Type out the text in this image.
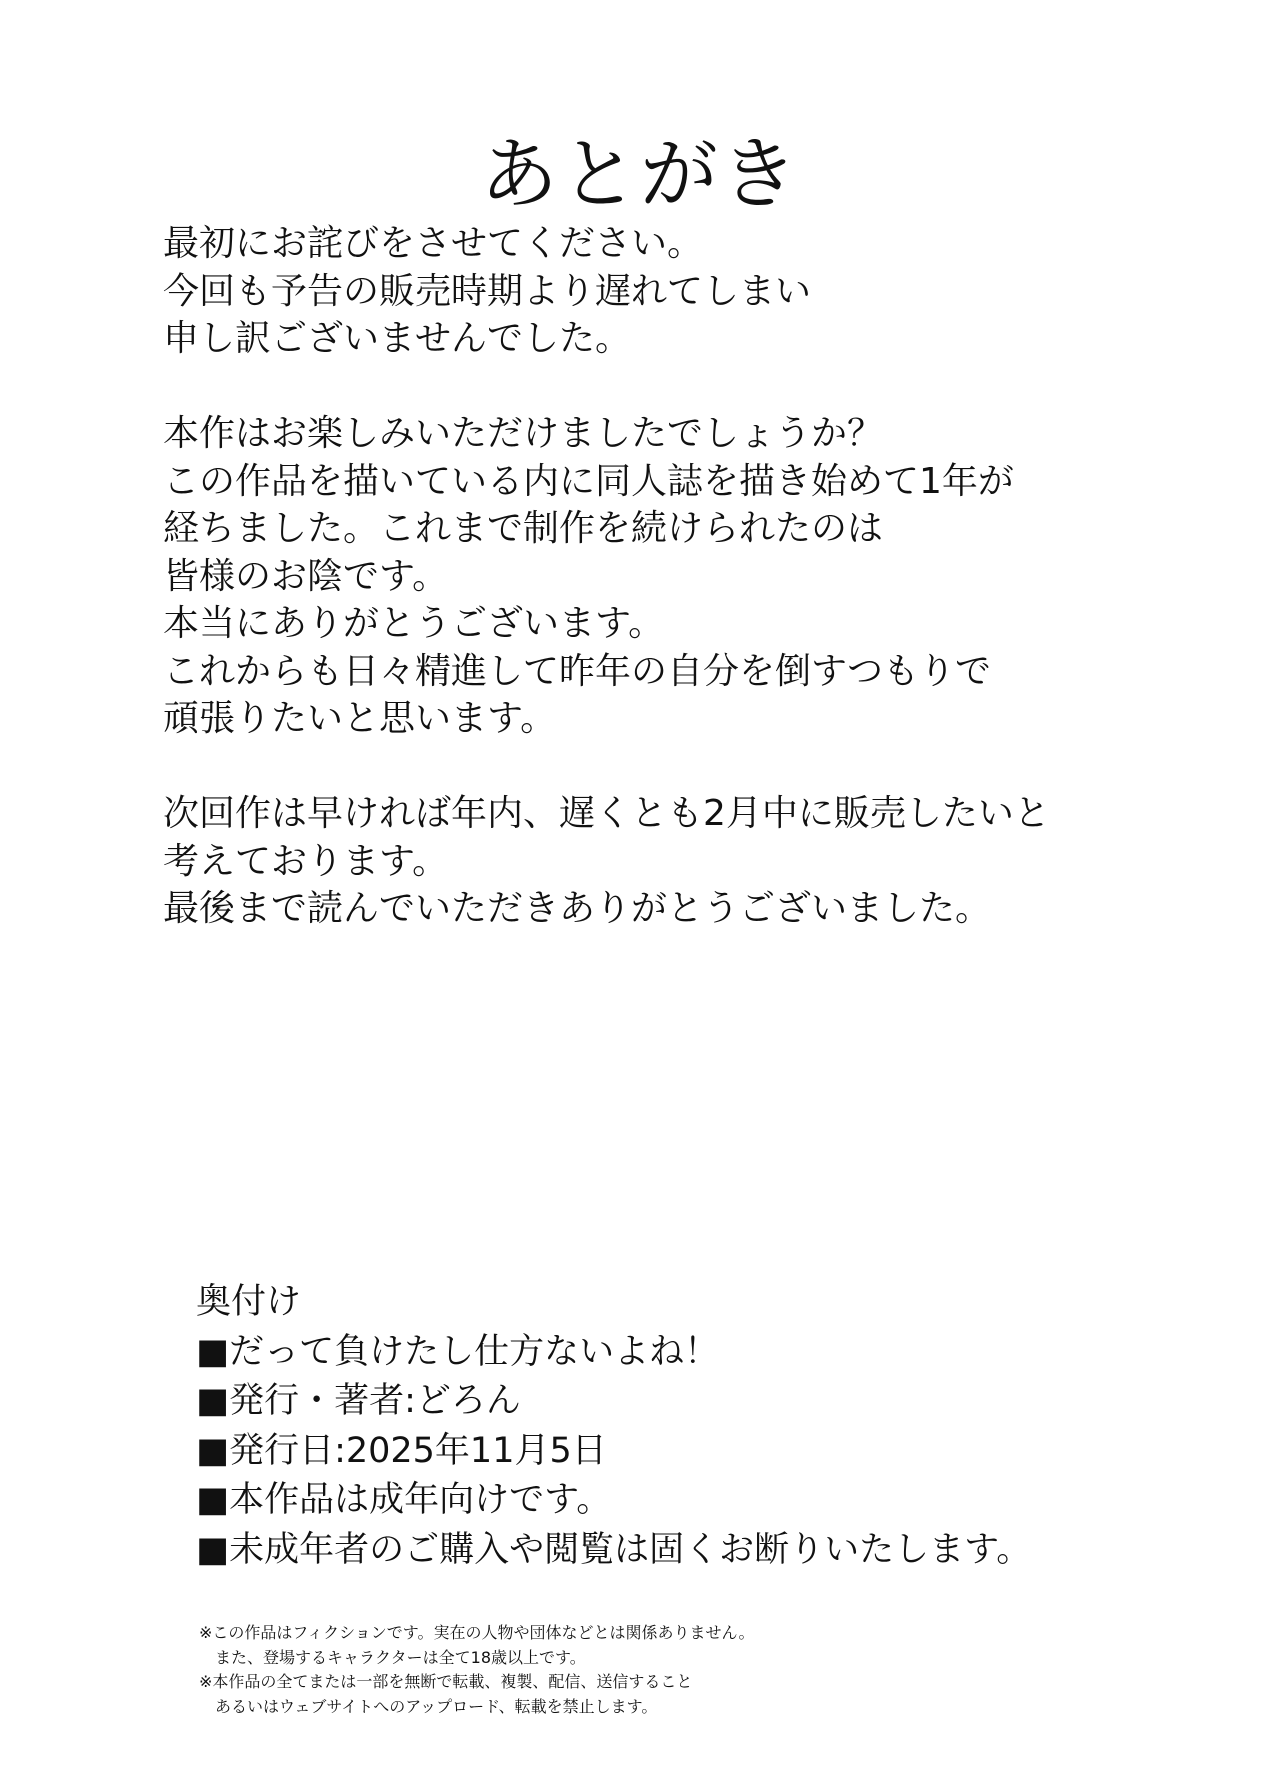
あとがき
最初にお詫びをさせてください。
今回も予告の販売時期より遅れてしまい
申し訳ございませんでした。
本作はお楽しみいただけましたでしょうか？
この作品を描いている内に同人誌を描き始めて1年が
経ちました。これまで制作を続けられたのは
皆様のお陰です。
本当にありがとうございます。
これからも日々精進して昨年の自分を倒すつもりで
頑張りたいと思います。
次回作は早ければ年内、遅くとも2月中に販売したいと
考えております。
最後まで読んでいただきありがとうございました。
奥付け
■だって負けたし仕方ないよね！
■発行・著者:どろん
■発行日:2025年11月5日
■本作品は成年向けです。
■未成年者のご購入や閲覧は固くお断りいたします。
※この作品はフィクションです。実在の人物や団体などとは関係ありません。
　また、登場するキャラクターは全て18歳以上です。
※本作品の全てまたは一部を無断で転載、複製、配信、送信すること
　あるいはウェブサイトへのアップロード、転載を禁止します。
